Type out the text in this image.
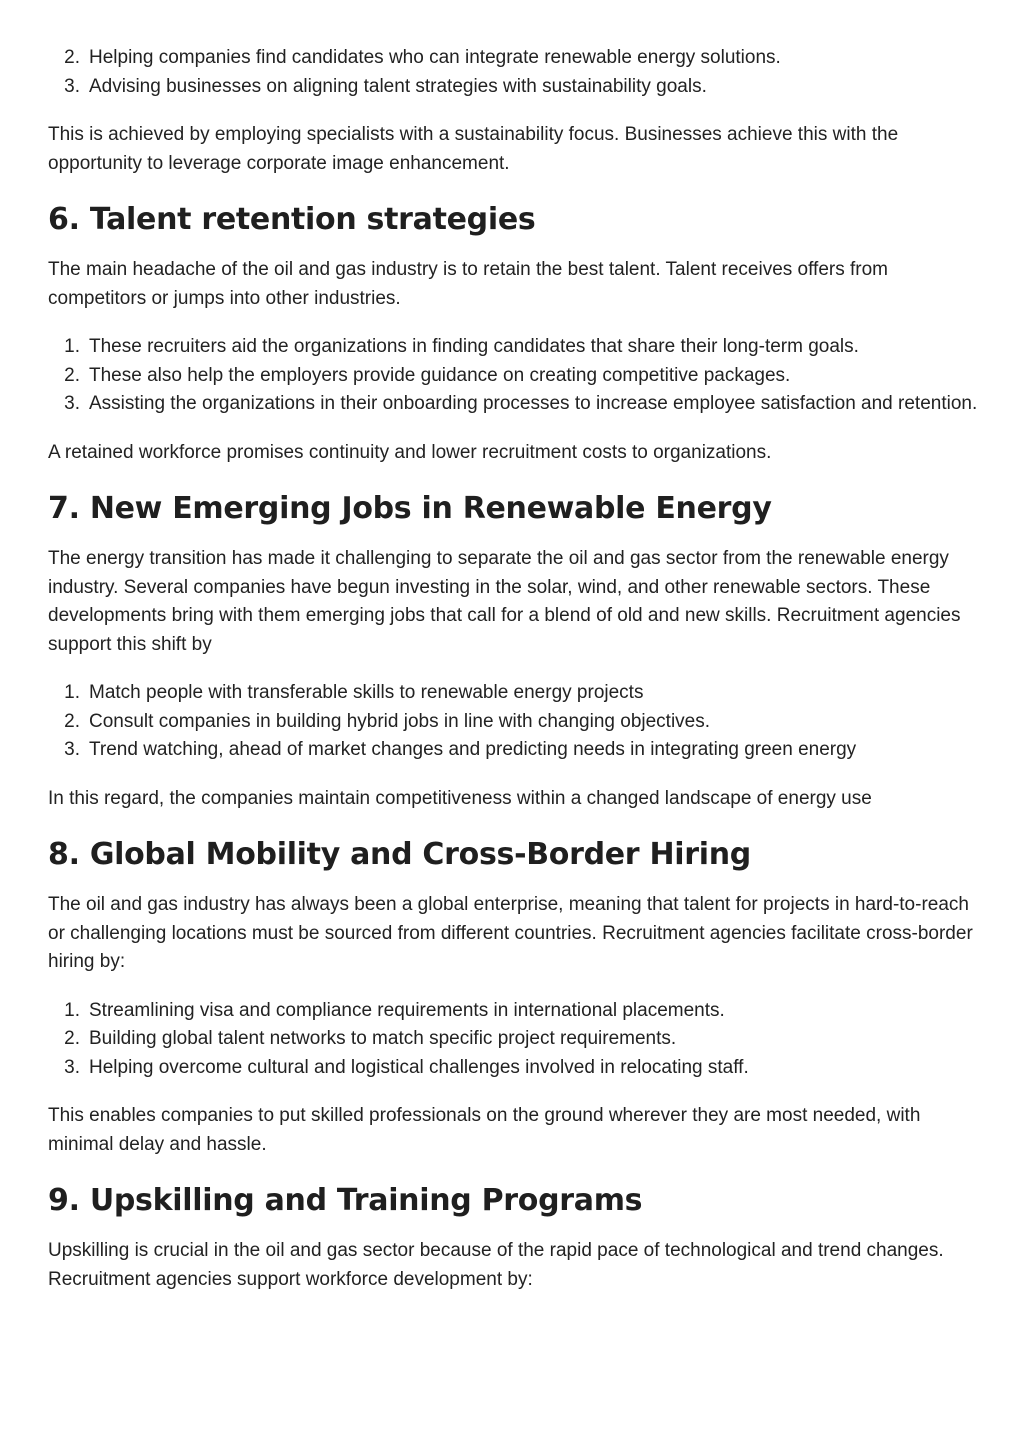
2. Helping companies find candidates who can integrate renewable energy solutions.
3. Advising businesses on aligning talent strategies with sustainability goals.

This is achieved by employing specialists with a sustainability focus. Businesses achieve this with the opportunity to leverage corporate image enhancement.

6. Talent retention strategies

The main headache of the oil and gas industry is to retain the best talent. Talent receives offers from competitors or jumps into other industries.

1. These recruiters aid the organizations in finding candidates that share their long-term goals.
2. These also help the employers provide guidance on creating competitive packages.
3. Assisting the organizations in their onboarding processes to increase employee satisfaction and retention.

A retained workforce promises continuity and lower recruitment costs to organizations.

7. New Emerging Jobs in Renewable Energy

The energy transition has made it challenging to separate the oil and gas sector from the renewable energy industry. Several companies have begun investing in the solar, wind, and other renewable sectors. These developments bring with them emerging jobs that call for a blend of old and new skills. Recruitment agencies support this shift by

1. Match people with transferable skills to renewable energy projects
2. Consult companies in building hybrid jobs in line with changing objectives.
3. Trend watching, ahead of market changes and predicting needs in integrating green energy

In this regard, the companies maintain competitiveness within a changed landscape of energy use

8. Global Mobility and Cross-Border Hiring

The oil and gas industry has always been a global enterprise, meaning that talent for projects in hard-to-reach or challenging locations must be sourced from different countries. Recruitment agencies facilitate cross-border hiring by:

1. Streamlining visa and compliance requirements in international placements.
2. Building global talent networks to match specific project requirements.
3. Helping overcome cultural and logistical challenges involved in relocating staff.

This enables companies to put skilled professionals on the ground wherever they are most needed, with minimal delay and hassle.

9. Upskilling and Training Programs

Upskilling is crucial in the oil and gas sector because of the rapid pace of technological and trend changes. Recruitment agencies support workforce development by:
